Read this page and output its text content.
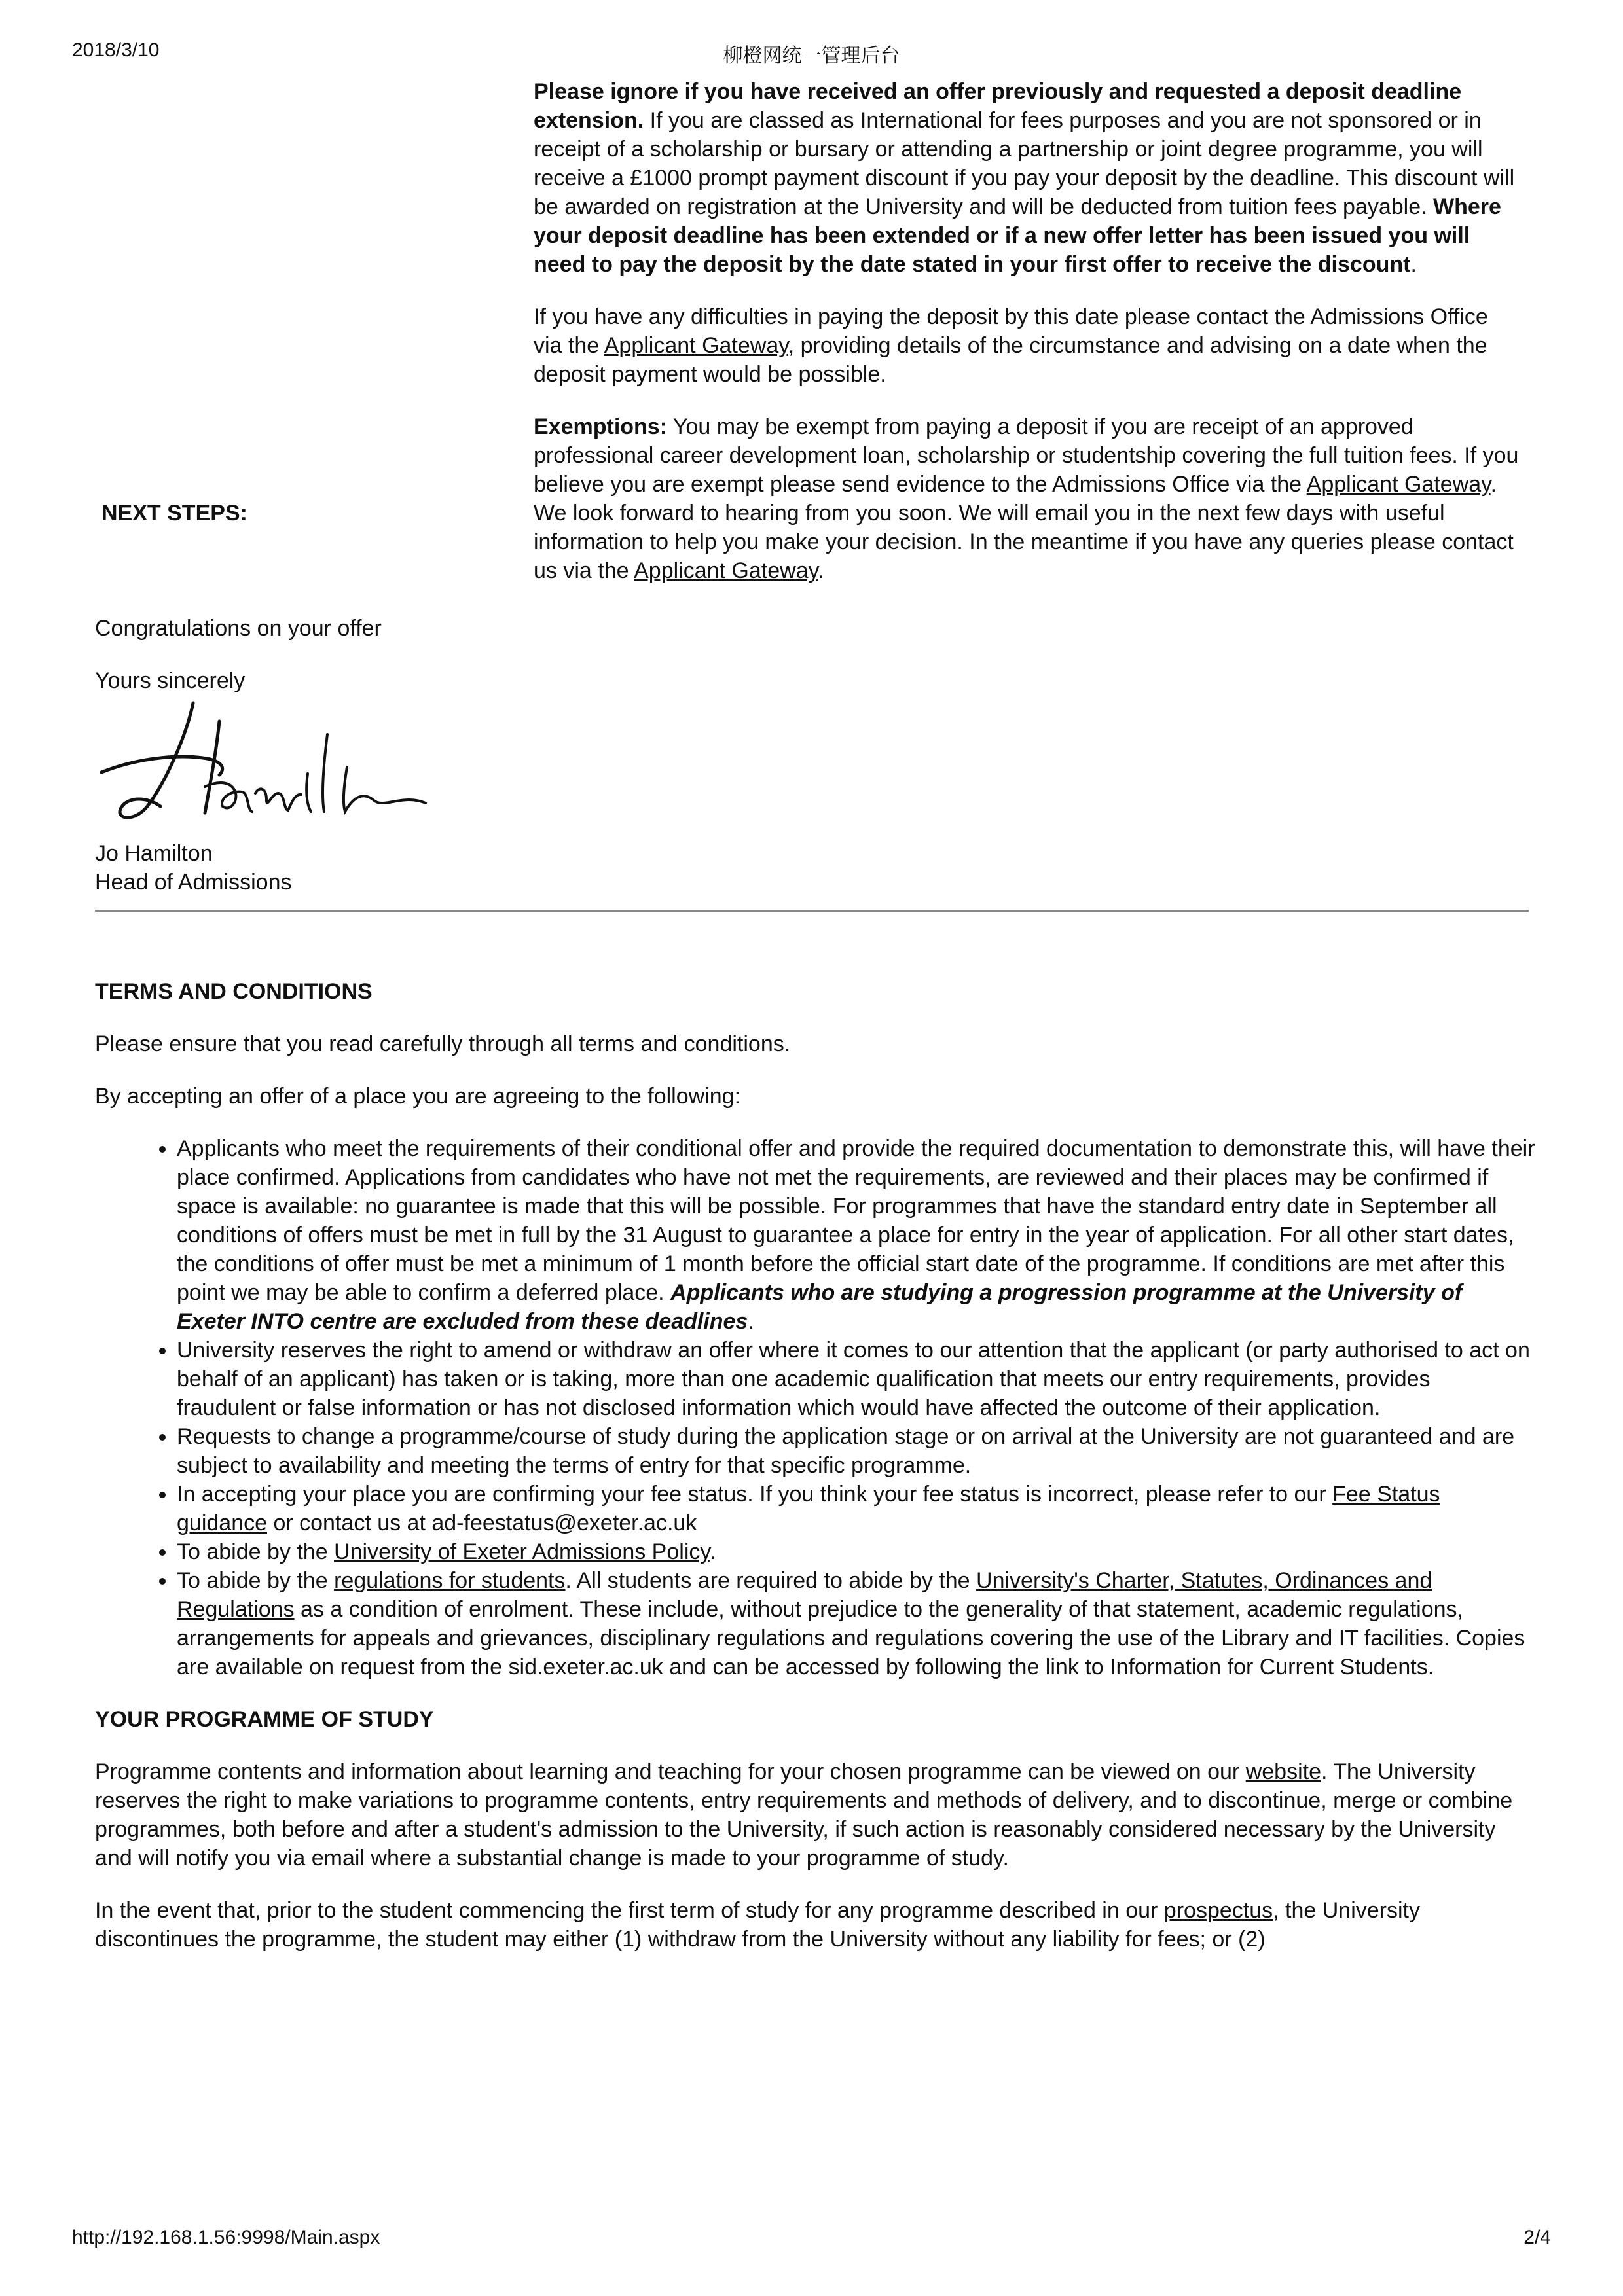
2018/3/10	柳橙网统一管理后台

Please ignore if you have received an offer previously and requested a deposit deadline extension. If you are classed as International for fees purposes and you are not sponsored or in receipt of a scholarship or bursary or attending a partnership or joint degree programme, you will receive a £1000 prompt payment discount if you pay your deposit by the deadline. This discount will be awarded on registration at the University and will be deducted from tuition fees payable. Where your deposit deadline has been extended or if a new offer letter has been issued you will need to pay the deposit by the date stated in your first offer to receive the discount.

If you have any difficulties in paying the deposit by this date please contact the Admissions Office via the Applicant Gateway, providing details of the circumstance and advising on a date when the deposit payment would be possible.

Exemptions: You may be exempt from paying a deposit if you are receipt of an approved professional career development loan, scholarship or studentship covering the full tuition fees. If you believe you are exempt please send evidence to the Admissions Office via the Applicant Gateway.

NEXT STEPS:	We look forward to hearing from you soon. We will email you in the next few days with useful information to help you make your decision. In the meantime if you have any queries please contact us via the Applicant Gateway.

Congratulations on your offer

Yours sincerely

Jo Hamilton

Head of Admissions

TERMS AND CONDITIONS

Please ensure that you read carefully through all terms and conditions.

By accepting an offer of a place you are agreeing to the following:

• Applicants who meet the requirements of their conditional offer and provide the required documentation to demonstrate this, will have their place confirmed. Applications from candidates who have not met the requirements, are reviewed and their places may be confirmed if space is available: no guarantee is made that this will be possible. For programmes that have the standard entry date in September all conditions of offers must be met in full by the 31 August to guarantee a place for entry in the year of application. For all other start dates, the conditions of offer must be met a minimum of 1 month before the official start date of the programme. If conditions are met after this point we may be able to confirm a deferred place. Applicants who are studying a progression programme at the University of Exeter INTO centre are excluded from these deadlines.
• University reserves the right to amend or withdraw an offer where it comes to our attention that the applicant (or party authorised to act on behalf of an applicant) has taken or is taking, more than one academic qualification that meets our entry requirements, provides fraudulent or false information or has not disclosed information which would have affected the outcome of their application.
• Requests to change a programme/course of study during the application stage or on arrival at the University are not guaranteed and are subject to availability and meeting the terms of entry for that specific programme.
• In accepting your place you are confirming your fee status. If you think your fee status is incorrect, please refer to our Fee Status guidance or contact us at ad-feestatus@exeter.ac.uk
• To abide by the University of Exeter Admissions Policy.
• To abide by the regulations for students. All students are required to abide by the University's Charter, Statutes, Ordinances and Regulations as a condition of enrolment. These include, without prejudice to the generality of that statement, academic regulations, arrangements for appeals and grievances, disciplinary regulations and regulations covering the use of the Library and IT facilities. Copies are available on request from the sid.exeter.ac.uk and can be accessed by following the link to Information for Current Students.

YOUR PROGRAMME OF STUDY

Programme contents and information about learning and teaching for your chosen programme can be viewed on our website. The University reserves the right to make variations to programme contents, entry requirements and methods of delivery, and to discontinue, merge or combine programmes, both before and after a student's admission to the University, if such action is reasonably considered necessary by the University and will notify you via email where a substantial change is made to your programme of study.

In the event that, prior to the student commencing the first term of study for any programme described in our prospectus, the University discontinues the programme, the student may either (1) withdraw from the University without any liability for fees; or (2)

http://192.168.1.56:9998/Main.aspx	2/4
